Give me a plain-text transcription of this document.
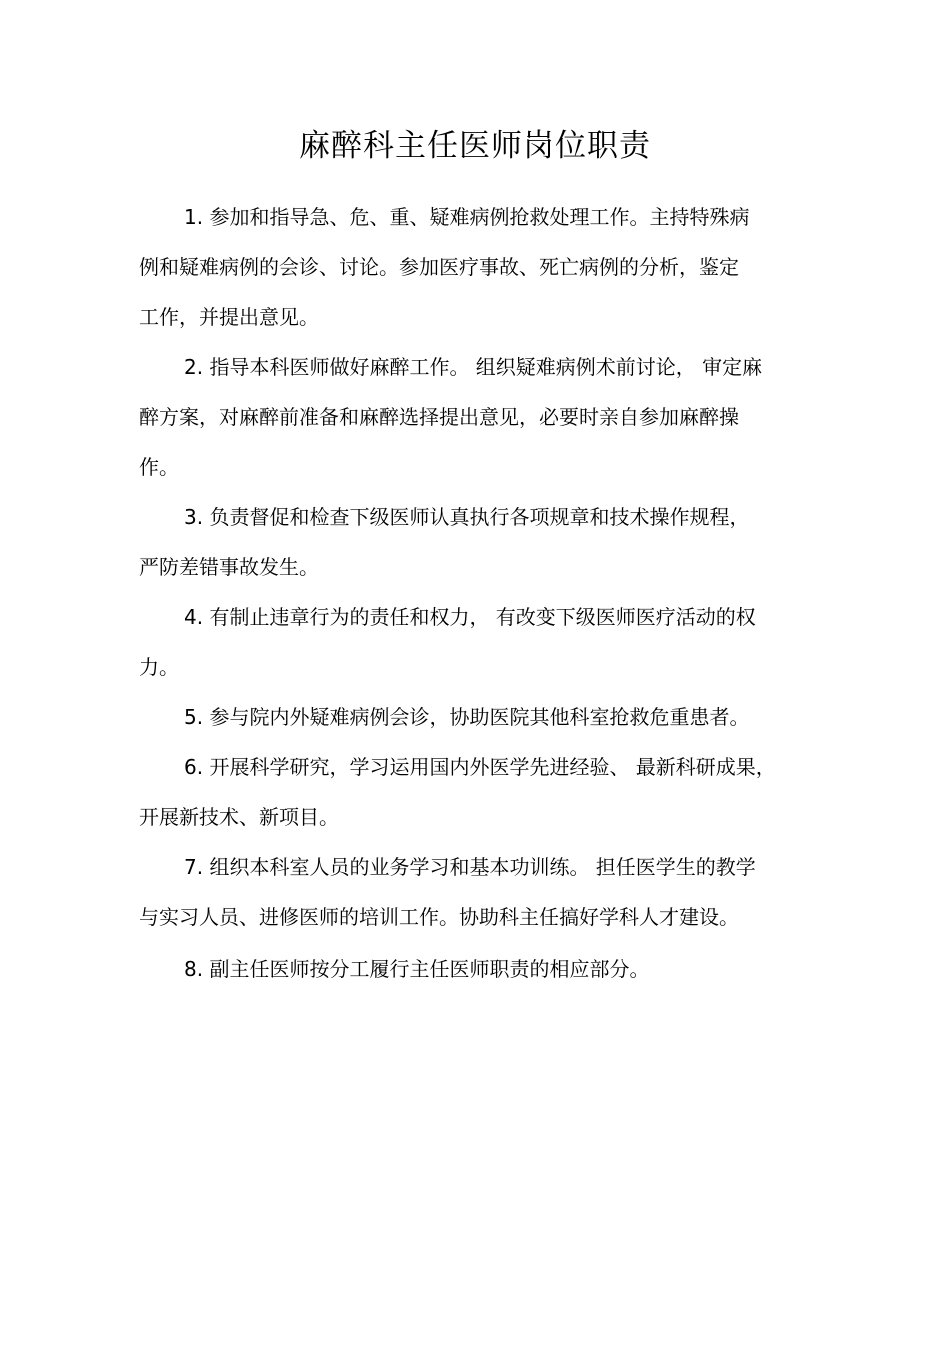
麻醉科主任医师岗位职责
1. 参加和指导急、危、重、疑难病例抢救处理工作。主持特殊病
例和疑难病例的会诊、讨论。参加医疗事故、死亡病例的分析，鉴定
工作，并提出意见。
2. 指导本科医师做好麻醉工作。 组织疑难病例术前讨论， 审定麻
醉方案，对麻醉前准备和麻醉选择提出意见，必要时亲自参加麻醉操
作。
3. 负责督促和检查下级医师认真执行各项规章和技术操作规程，
严防差错事故发生。
4. 有制止违章行为的责任和权力， 有改变下级医师医疗活动的权
力。
5. 参与院内外疑难病例会诊，协助医院其他科室抢救危重患者。
6. 开展科学研究，学习运用国内外医学先进经验、 最新科研成果，
开展新技术、新项目。
7. 组织本科室人员的业务学习和基本功训练。 担任医学生的教学
与实习人员、进修医师的培训工作。协助科主任搞好学科人才建设。
8. 副主任医师按分工履行主任医师职责的相应部分。
